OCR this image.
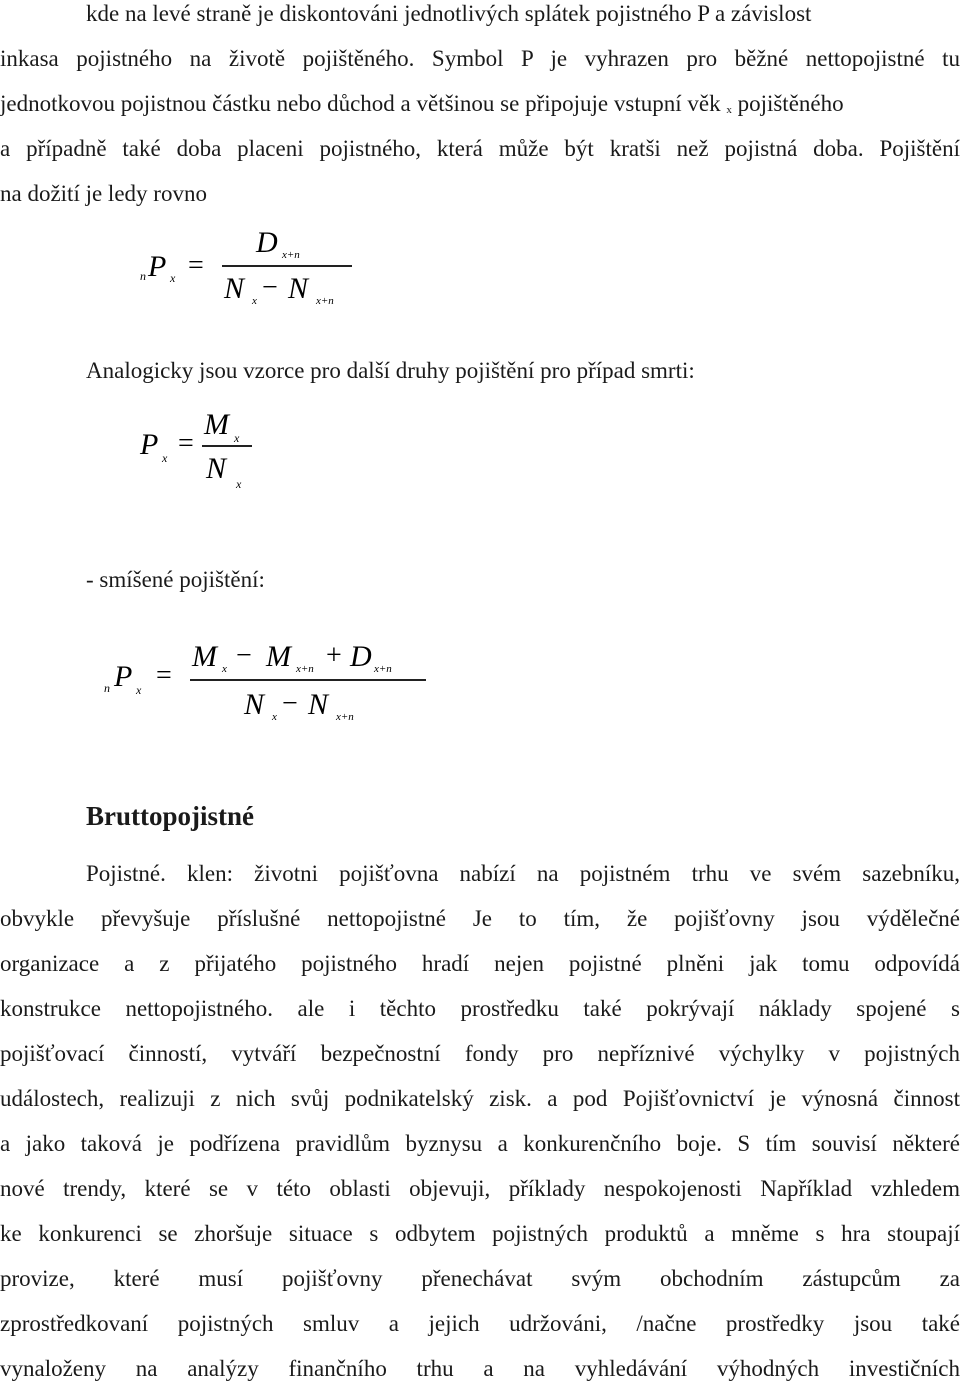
kde na levé straně je diskontováni jednotlivých splátek pojistného P a závislost
inkasa pojistného na životě pojištěného. Symbol P je vyhrazen pro běžné nettopojistné tu
jednotkovou pojistnou částku nebo důchod a většinou se připojuje vstupní věk x pojištěného
a případně také doba placeni pojistného, která může být kratši než pojistná doba. Pojištění
na dožití je ledy rovno
n P x =
D x+n
N x − N x+n
Analogicky jsou vzorce pro další druhy pojištění pro případ smrti:
P x =
M x
N x
- smíšené pojištění:
n P x =
M x − M x+n + D x+n
N x − N x+n
Bruttopojistné
Pojistné. klen: životni pojišťovna nabízí na pojistném trhu ve svém sazebníku,
obvykle převyšuje příslušné nettopojistné Je to tím, že pojišťovny jsou výdělečné
organizace a z přijatého pojistného hradí nejen pojistné plněni jak tomu odpovídá
konstrukce nettopojistného. ale i těchto prostředku také pokrývají náklady spojené s
pojišťovací činností, vytváří bezpečnostní fondy pro nepříznivé výchylky v pojistných
událostech, realizuji z nich svůj podnikatelský zisk. a pod Pojišťovnictví je výnosná činnost
a jako taková je podřízena pravidlům byznysu a konkurenčního boje. S tím souvisí některé
nové trendy, které se v této oblasti objevuji, příklady nespokojenosti Například vzhledem
ke konkurenci se zhoršuje situace s odbytem pojistných produktů a mněme s hra stoupají
provize, které musí pojišťovny přenechávat svým obchodním zástupcům za
zprostředkovaní pojistných smluv a jejich udržováni, /načne prostředky jsou také
vynaloženy na analýzy finančního trhu a na vyhledávání výhodných investičních
